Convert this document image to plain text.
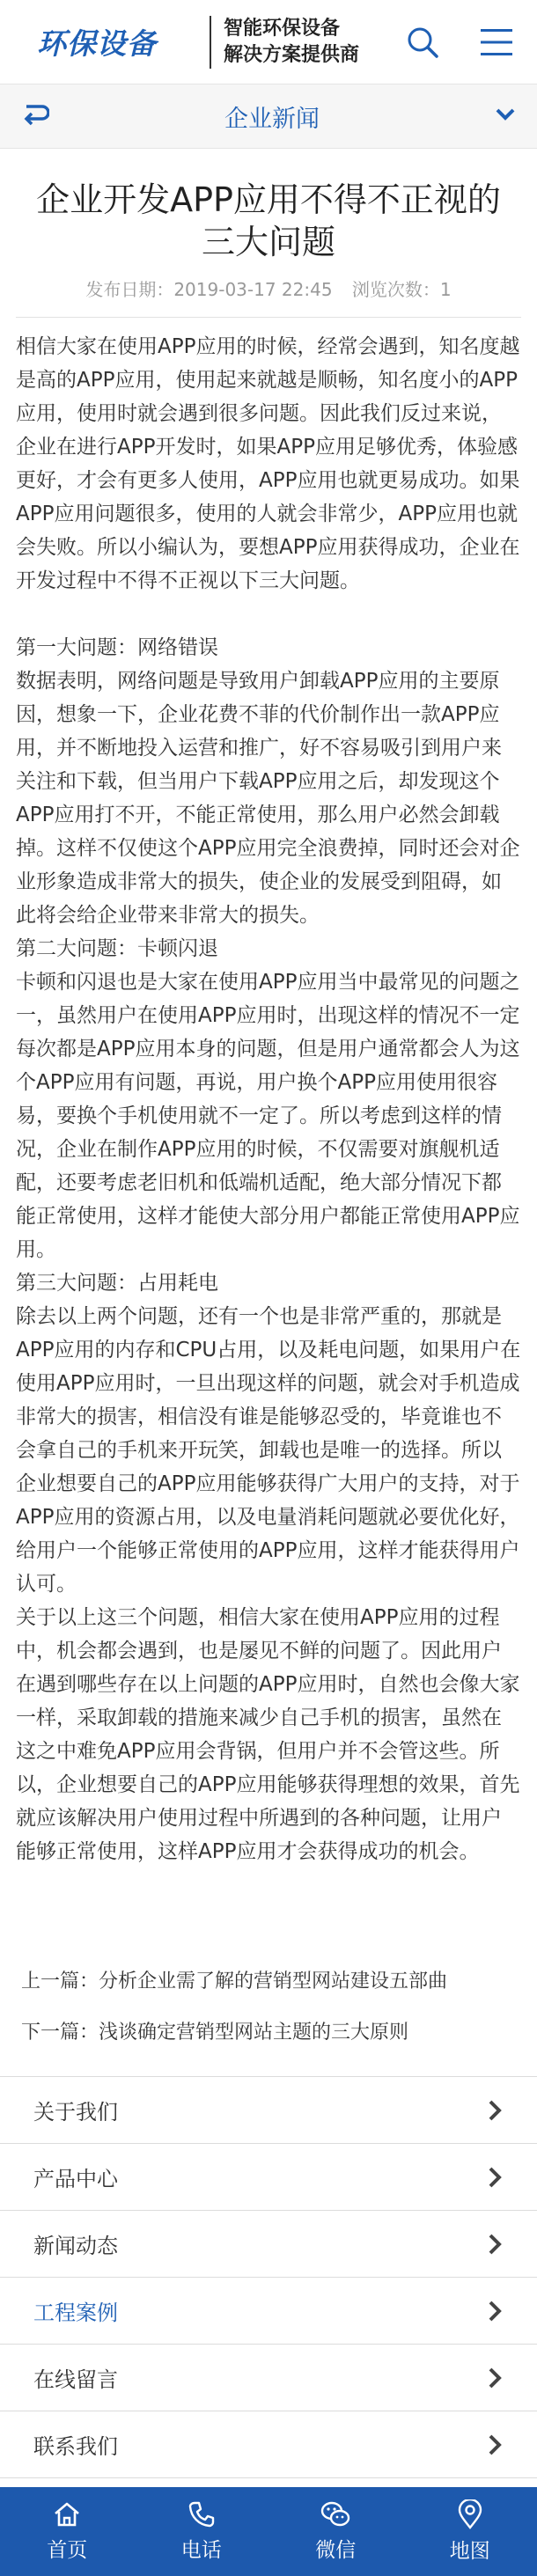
环保设备	智能环保设备
解决方案提供商
企业新闻
企业开发APP应用不得不正视的三大问题
发布日期：2019-03-17 22:45 浏览次数：1

相信大家在使用APP应用的时候，经常会遇到，知名度越是高的APP应用，使用起来就越是顺畅，知名度小的APP应用，使用时就会遇到很多问题。因此我们反过来说，企业在进行APP开发时，如果APP应用足够优秀，体验感更好，才会有更多人使用，APP应用也就更易成功。如果APP应用问题很多，使用的人就会非常少，APP应用也就会失败。所以小编认为，要想APP应用获得成功，企业在开发过程中不得不正视以下三大问题。

第一大问题：网络错误

数据表明，网络问题是导致用户卸载APP应用的主要原因，想象一下，企业花费不菲的代价制作出一款APP应用，并不断地投入运营和推广，好不容易吸引到用户来关注和下载，但当用户下载APP应用之后，却发现这个APP应用打不开，不能正常使用，那么用户必然会卸载掉。这样不仅使这个APP应用完全浪费掉，同时还会对企业形象造成非常大的损失，使企业的发展受到阻碍，如此将会给企业带来非常大的损失。

第二大问题：卡顿闪退

卡顿和闪退也是大家在使用APP应用当中最常见的问题之一，虽然用户在使用APP应用时，出现这样的情况不一定每次都是APP应用本身的问题，但是用户通常都会人为这个APP应用有问题，再说，用户换个APP应用使用很容易，要换个手机使用就不一定了。所以考虑到这样的情况，企业在制作APP应用的时候，不仅需要对旗舰机适配，还要考虑老旧机和低端机适配，绝大部分情况下都能正常使用，这样才能使大部分用户都能正常使用APP应用。

第三大问题：占用耗电

除去以上两个问题，还有一个也是非常严重的，那就是APP应用的内存和CPU占用，以及耗电问题，如果用户在使用APP应用时，一旦出现这样的问题，就会对手机造成非常大的损害，相信没有谁是能够忍受的，毕竟谁也不会拿自己的手机来开玩笑，卸载也是唯一的选择。所以企业想要自己的APP应用能够获得广大用户的支持，对于APP应用的资源占用，以及电量消耗问题就必要优化好，给用户一个能够正常使用的APP应用，这样才能获得用户认可。

关于以上这三个问题，相信大家在使用APP应用的过程中，机会都会遇到，也是屡见不鲜的问题了。因此用户在遇到哪些存在以上问题的APP应用时，自然也会像大家一样，采取卸载的措施来减少自己手机的损害，虽然在这之中难免APP应用会背锅，但用户并不会管这些。所以，企业想要自己的APP应用能够获得理想的效果，首先就应该解决用户使用过程中所遇到的各种问题，让用户能够正常使用，这样APP应用才会获得成功的机会。

上一篇：分析企业需了解的营销型网站建设五部曲
下一篇：浅谈确定营销型网站主题的三大原则
关于我们
产品中心
新闻动态
工程案例
在线留言
联系我们
首页	电话	微信	地图
